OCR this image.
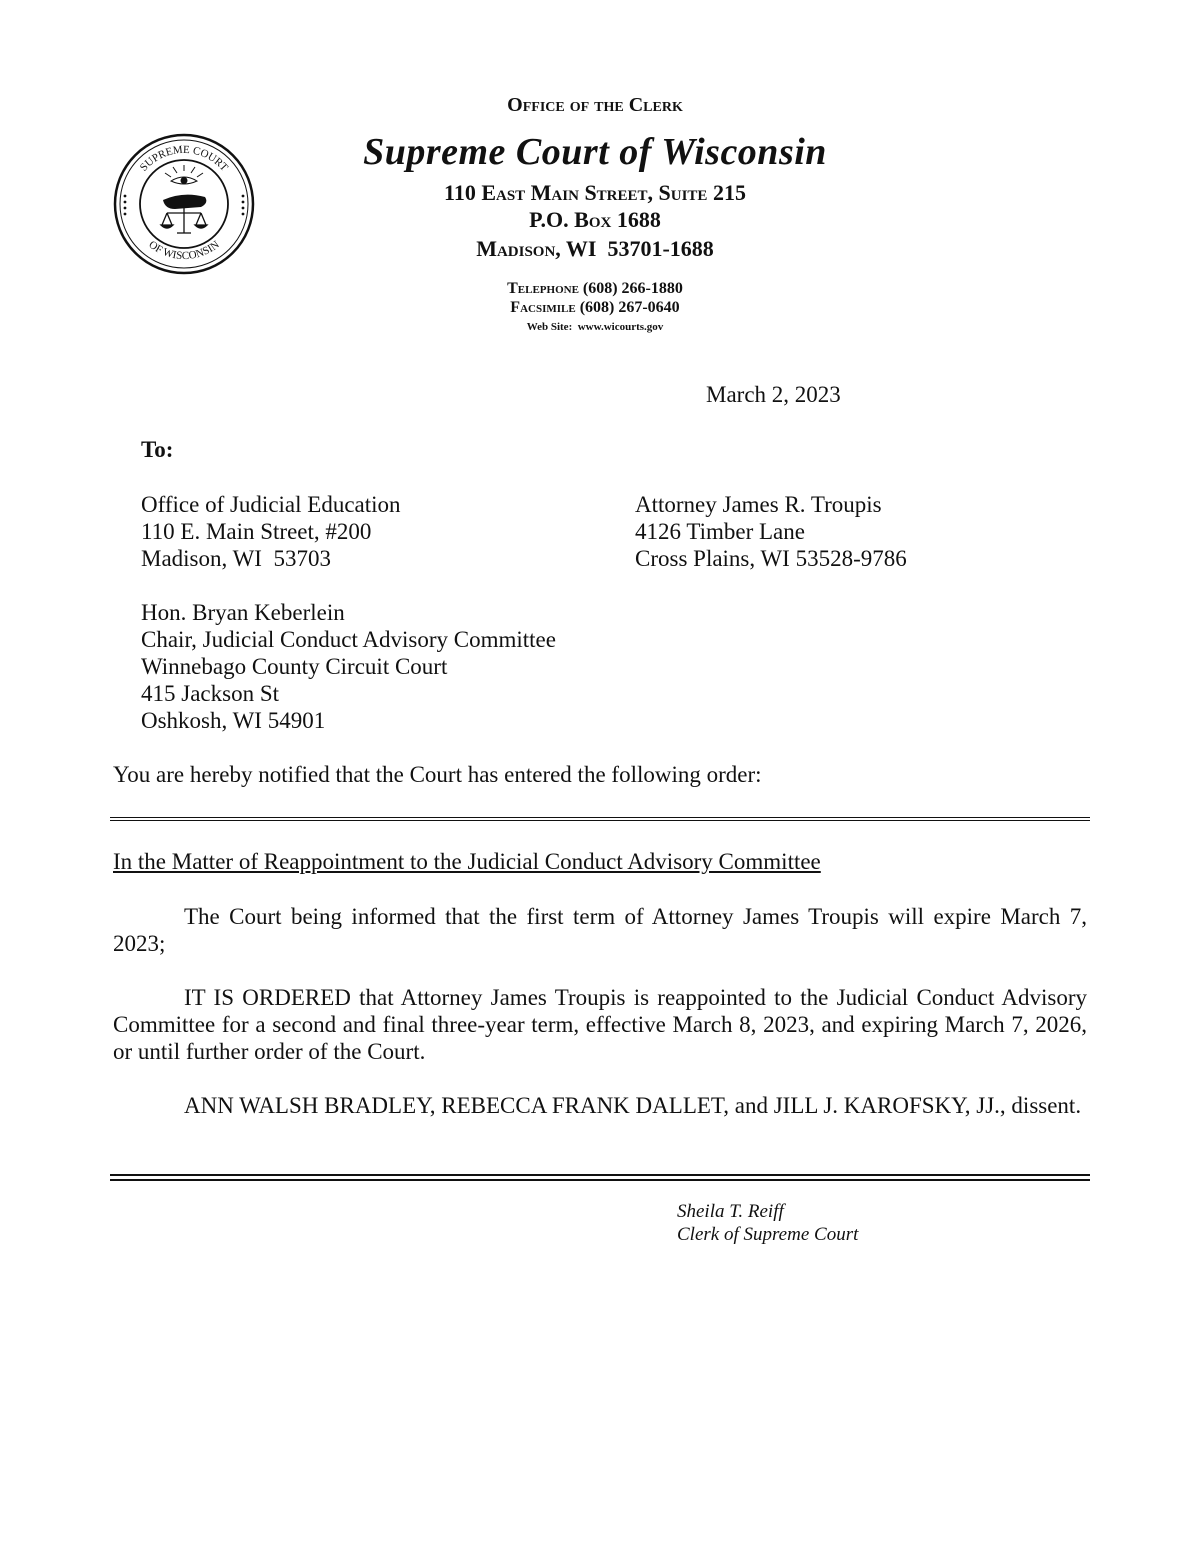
SUPREME COURT
OF WISCONSIN
Office of the Clerk
Supreme Court of Wisconsin
110 East Main Street, Suite 215
P.O. Box 1688
Madison, WI  53701-1688
Telephone (608) 266-1880
Facsimile (608) 267-0640
Web Site:  www.wicourts.gov
March 2, 2023
To:
Office of Judicial Education
110 E. Main Street, #200
Madison, WI  53703
Attorney James R. Troupis
4126 Timber Lane
Cross Plains, WI 53528-9786
Hon. Bryan Keberlein
Chair, Judicial Conduct Advisory Committee
Winnebago County Circuit Court
415 Jackson St
Oshkosh, WI 54901
You are hereby notified that the Court has entered the following order:
In the Matter of Reappointment to the Judicial Conduct Advisory Committee
The Court being informed that the first term of Attorney James Troupis will expire March 7, 2023;
IT IS ORDERED that Attorney James Troupis is reappointed to the Judicial Conduct Advisory Committee for a second and final three-year term, effective March 8, 2023, and expiring March 7, 2026, or until further order of the Court.
ANN WALSH BRADLEY, REBECCA FRANK DALLET, and JILL J. KAROFSKY, JJ., dissent.
Sheila T. Reiff
Clerk of Supreme Court
